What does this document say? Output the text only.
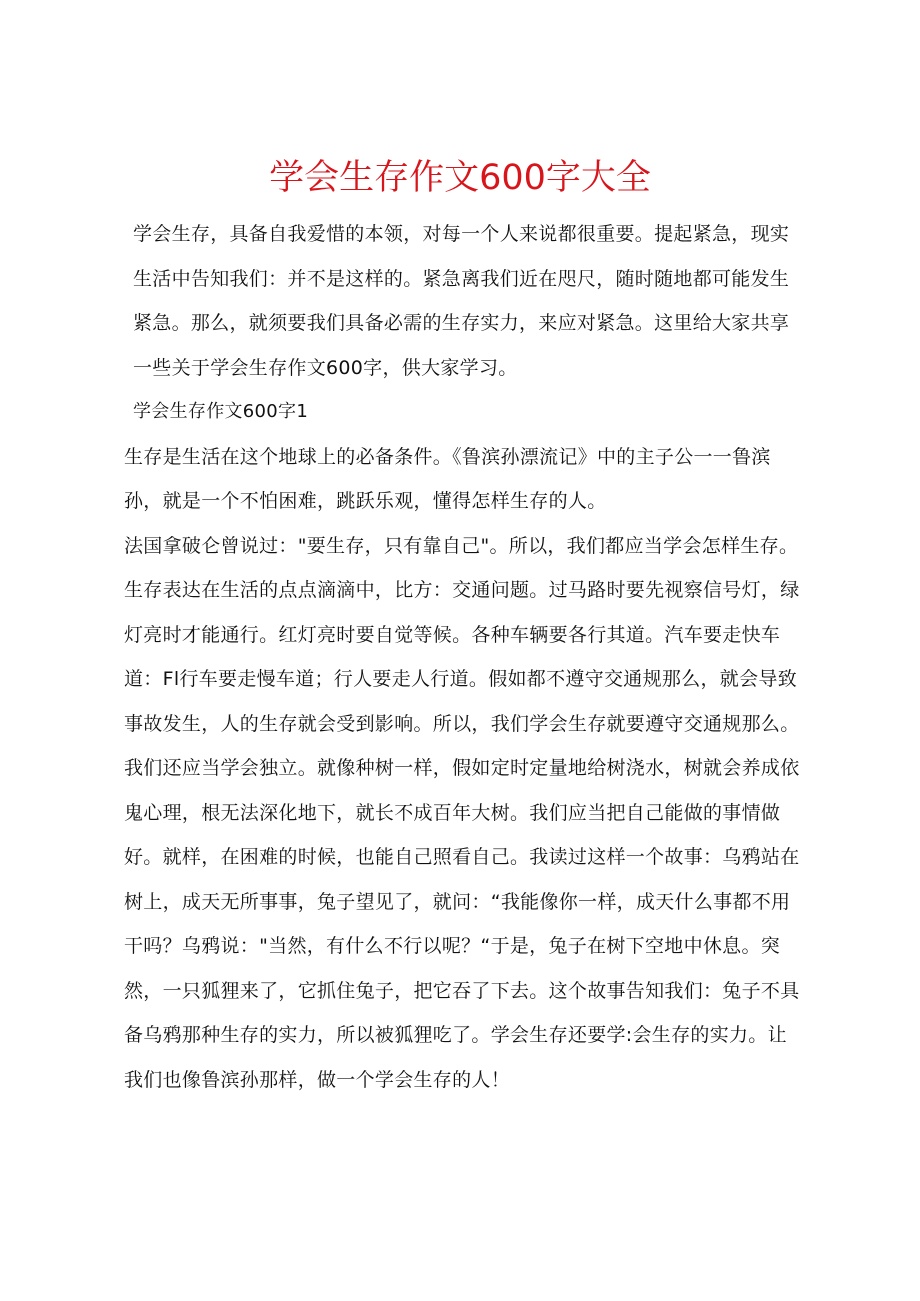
学会生存作文600字大全

学会生存，具备自我爱惜的本领，对每一个人来说都很重要。提起紧急，现实生活中告知我们：并不是这样的。紧急离我们近在咫尺，随时随地都可能发生紧急。那么，就须要我们具备必需的生存实力，来应对紧急。这里给大家共享一些关于学会生存作文600字，供大家学习。

学会生存作文600字1

生存是生活在这个地球上的必备条件。《鲁滨孙漂流记》中的主子公一一鲁滨孙，就是一个不怕困难，跳跃乐观，懂得怎样生存的人。

法国拿破仑曾说过："要生存，只有靠自己"。所以，我们都应当学会怎样生存。

生存表达在生活的点点滴滴中，比方：交通问题。过马路时要先视察信号灯，绿灯亮时才能通行。红灯亮时要自觉等候。各种车辆要各行其道。汽车要走快车道：Fl行车要走慢车道；行人要走人行道。假如都不遵守交通规那么，就会导致事故发生，人的生存就会受到影响。所以，我们学会生存就要遵守交通规那么。

我们还应当学会独立。就像种树一样，假如定时定量地给树浇水，树就会养成依鬼心理，根无法深化地下，就长不成百年大树。我们应当把自己能做的事情做好。就样，在困难的时候，也能自己照看自己。我读过这样一个故事：乌鸦站在树上，成天无所事事，兔子望见了，就问：“我能像你一样，成天什么事都不用干吗？乌鸦说："当然，有什么不行以呢？“于是，兔子在树下空地中休息。突然，一只狐狸来了，它抓住兔子，把它吞了下去。这个故事告知我们：兔子不具备乌鸦那种生存的实力，所以被狐狸吃了。学会生存还要学:会生存的实力。让我们也像鲁滨孙那样，做一个学会生存的人！
